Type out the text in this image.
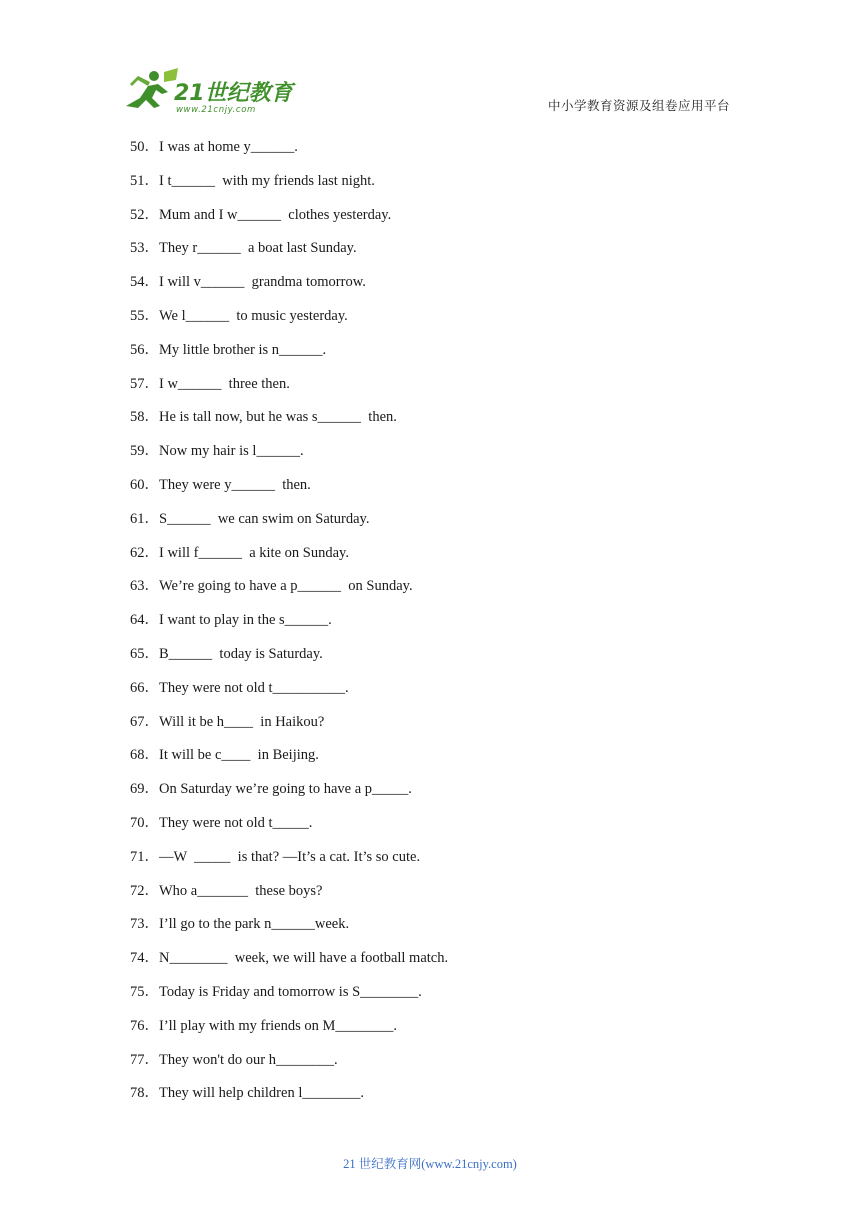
21世纪教育
www.21cnjy.com	中小学教育资源及组卷应用平台
50．I was at home y______.
51．I t______  with my friends last night.
52．Mum and I w______  clothes yesterday.
53．They r______  a boat last Sunday.
54．I will v______  grandma tomorrow.
55．We l______  to music yesterday.
56．My little brother is n______.
57．I w______  three then.
58．He is tall now, but he was s______  then.
59．Now my hair is l______.
60．They were y______  then.
61．S______  we can swim on Saturday.
62．I will f______  a kite on Sunday.
63．We’re going to have a p______  on Sunday.
64．I want to play in the s______.
65．B______  today is Saturday.
66．They were not old t__________.
67．Will it be h____  in Haikou?
68．It will be c____  in Beijing.
69．On Saturday we’re going to have a p_____.
70．They were not old t_____.
71．—W  _____  is that? —It’s a cat. It’s so cute.
72．Who a_______  these boys?
73．I’ll go to the park n______week.
74．N________  week, we will have a football match.
75．Today is Friday and tomorrow is S________.
76．I’ll play with my friends on M________.
77．They won't do our h________.
78．They will help children l________.
21 世纪教育网(www.21cnjy.com)
